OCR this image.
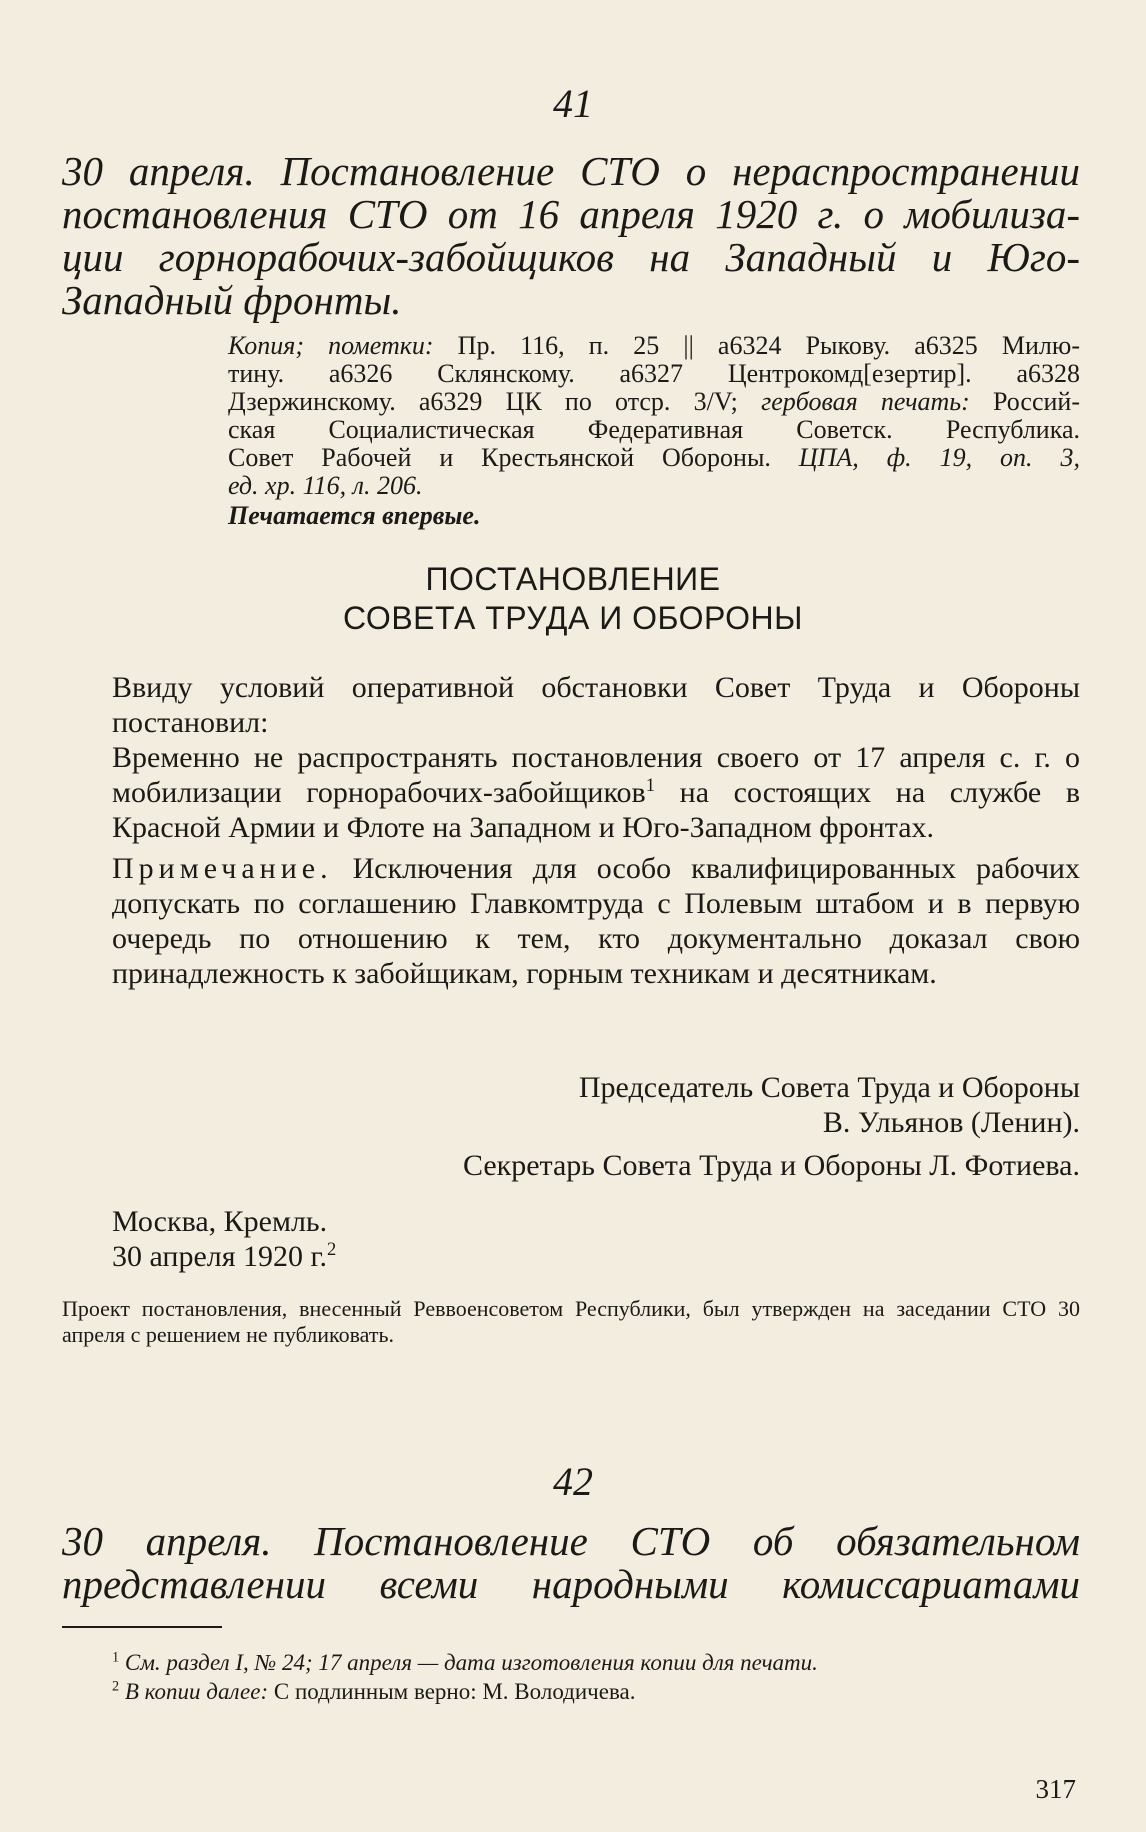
41
30 апреля. Постановление СТО о нераспространении
постановления СТО от 16 апреля 1920 г. о мобилиза-
ции горнорабочих-забойщиков на Западный и Юго-
Западный фронты.
Копия; пометки: Пр. 116, п. 25 || а6324 Рыкову. а6325 Милю-
тину. а6326 Склянскому. а6327 Центрокомд[езертир]. а6328
Дзержинскому. а6329 ЦК по отср. 3/V; гербовая печать: Россий-
ская Социалистическая Федеративная Советск. Республика.
Совет Рабочей и Крестьянской Обороны. ЦПА, ф. 19, оп. 3,
ед. хр. 116, л. 206.
Печатается впервые.
ПОСТАНОВЛЕНИЕ
СОВЕТА ТРУДА И ОБОРОНЫ

Ввиду условий оперативной обстановки Совет Труда и Обороны постановил:

Временно не распространять постановления своего от 17 апреля с. г. о мобилизации горнорабочих-забойщиков$^1$ на состоящих на службе в Красной Армии и Флоте на Западном и Юго-Западном фронтах.

Примечание. Исключения для особо квалифицированных рабочих допускать по соглашению Главкомтруда с Полевым штабом и в первую очередь по отношению к тем, кто документально доказал свою принадлежность к забойщикам, горным техникам и десятникам.

Председатель Совета Труда и Обороны
В. Ульянов (Ленин).
Секретарь Совета Труда и Обороны Л. Фотиева.
Москва, Кремль.
30 апреля 1920 г.$^2$
Проект постановления, внесенный Реввоенсоветом Республики, был утвержден на заседании СТО 30 апреля с решением не публиковать.
42
30 апреля. Постановление СТО об обязательном
представлении всеми народными комиссариатами
$^1$ См. раздел I, № 24; 17 апреля — дата изготовления копии для печати.
$^2$ В копии далее: С подлинным верно: М. Володичева.
317
